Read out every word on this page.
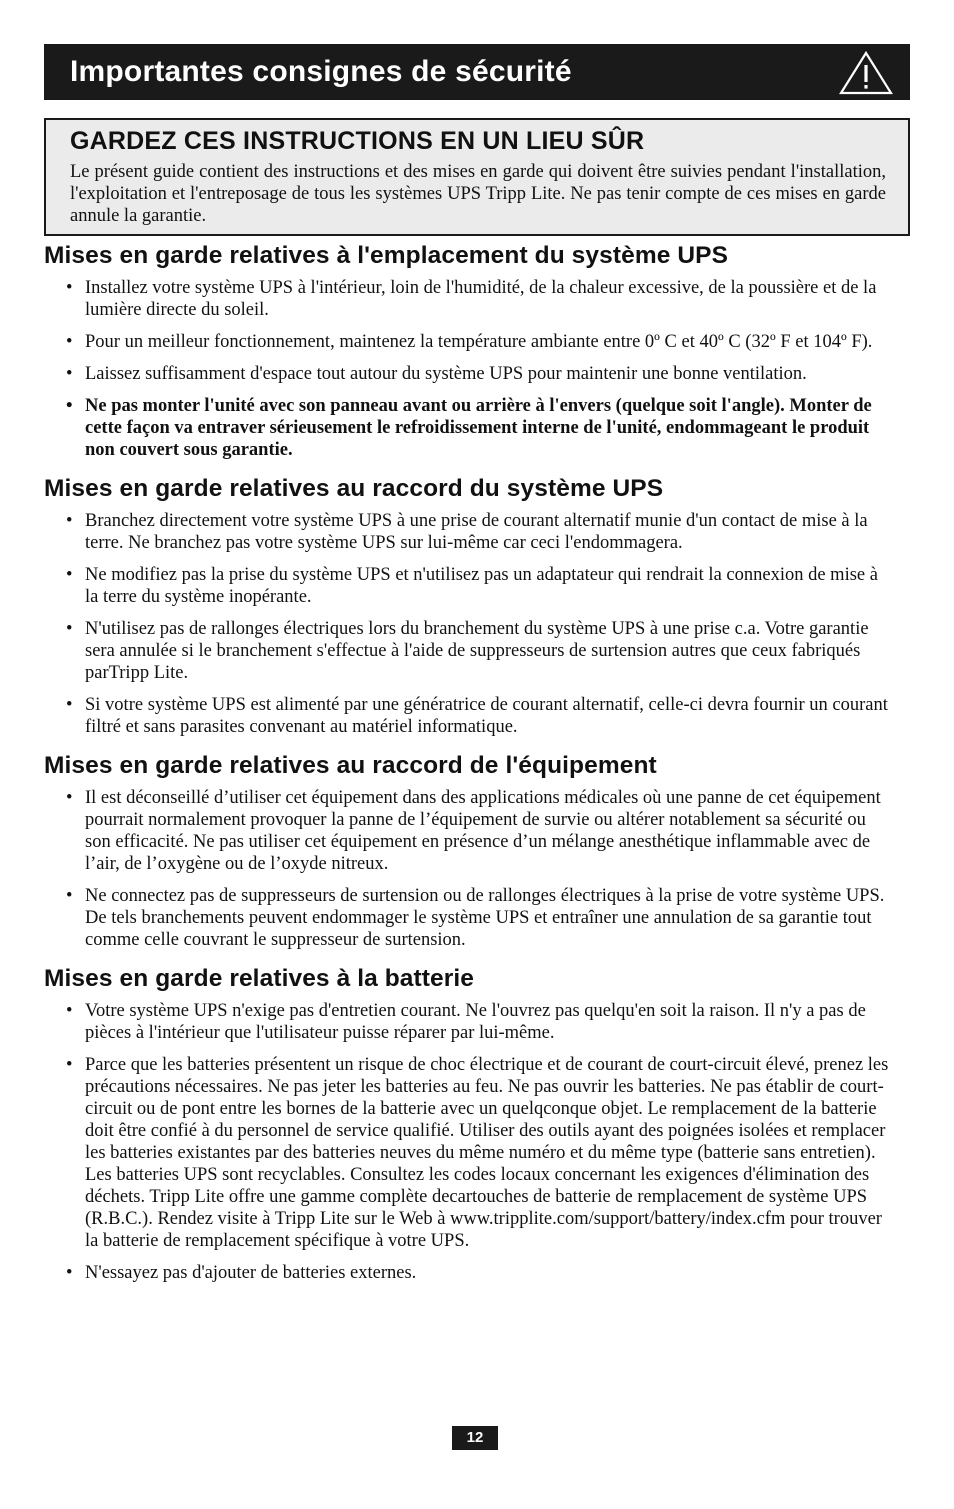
Importantes consignes de sécurité
GARDEZ CES INSTRUCTIONS EN UN LIEU SÛR

Le présent guide contient des instructions et des mises en garde qui doivent être suivies pendant l'installation, l'exploitation et l'entreposage de tous les systèmes UPS Tripp Lite. Ne pas tenir compte de ces mises en garde annule la garantie.

Mises en garde relatives à l'emplacement du système UPS
• Installez votre système UPS à l'intérieur, loin de l'humidité, de la chaleur excessive, de la poussière et de la lumière directe du soleil.
• Pour un meilleur fonctionnement, maintenez la température ambiante entre 0º C et 40º C (32º F et 104º F).
• Laissez suffisamment d'espace tout autour du système UPS pour maintenir une bonne ventilation.
• Ne pas monter l'unité avec son panneau avant ou arrière à l'envers (quelque soit l'angle). Monter de cette façon va entraver sérieusement le refroidissement interne de l'unité, endommageant le produit non couvert sous garantie.
Mises en garde relatives au raccord du système UPS
• Branchez directement votre système UPS à une prise de courant alternatif munie d'un contact de mise à la terre. Ne branchez pas votre système UPS sur lui-même car ceci l'endommagera.
• Ne modifiez pas la prise du système UPS et n'utilisez pas un adaptateur qui rendrait la connexion de mise à la terre du système inopérante.
• N'utilisez pas de rallonges électriques lors du branchement du système UPS à une prise c.a. Votre garantie sera annulée si le branchement s'effectue à l'aide de suppresseurs de surtension autres que ceux fabriqués parTripp Lite.
• Si votre système UPS est alimenté par une génératrice de courant alternatif, celle-ci devra fournir un courant filtré et sans parasites convenant au matériel informatique.
Mises en garde relatives au raccord de l'équipement
• Il est déconseillé d’utiliser cet équipement dans des applications médicales où une panne de cet équipement pourrait normalement provoquer la panne de l’équipement de survie ou altérer notablement sa sécurité ou son efficacité. Ne pas utiliser cet équipement en présence d’un mélange anesthétique inflammable avec de l’air, de l’oxygène ou de l’oxyde nitreux.
• Ne connectez pas de suppresseurs de surtension ou de rallonges électriques à la prise de votre système UPS. De tels branchements peuvent endommager le système UPS et entraîner une annulation de sa garantie tout comme celle couvrant le suppresseur de surtension.
Mises en garde relatives à la batterie
• Votre système UPS n'exige pas d'entretien courant. Ne l'ouvrez pas quelqu'en soit la raison. Il n'y a pas de pièces à l'intérieur que l'utilisateur puisse réparer par lui-même.
• Parce que les batteries présentent un risque de choc électrique et de courant de court-circuit élevé, prenez les précautions nécessaires. Ne pas jeter les batteries au feu. Ne pas ouvrir les batteries. Ne pas établir de court-circuit ou de pont entre les bornes de la batterie avec un quelqconque objet. Le remplacement de la batterie doit être confié à du personnel de service qualifié. Utiliser des outils ayant des poignées isolées et remplacer les batteries existantes par des batteries neuves du même numéro et du même type (batterie sans entretien). Les batteries UPS sont recyclables. Consultez les codes locaux concernant les exigences d'élimination des déchets. Tripp Lite offre une gamme complète decartouches de batterie de remplacement de système UPS (R.B.C.). Rendez visite à Tripp Lite sur le Web à www.tripplite.com/support/battery/index.cfm pour trouver la batterie de remplacement spécifique à votre UPS.
• N'essayez pas d'ajouter de batteries externes.
12
